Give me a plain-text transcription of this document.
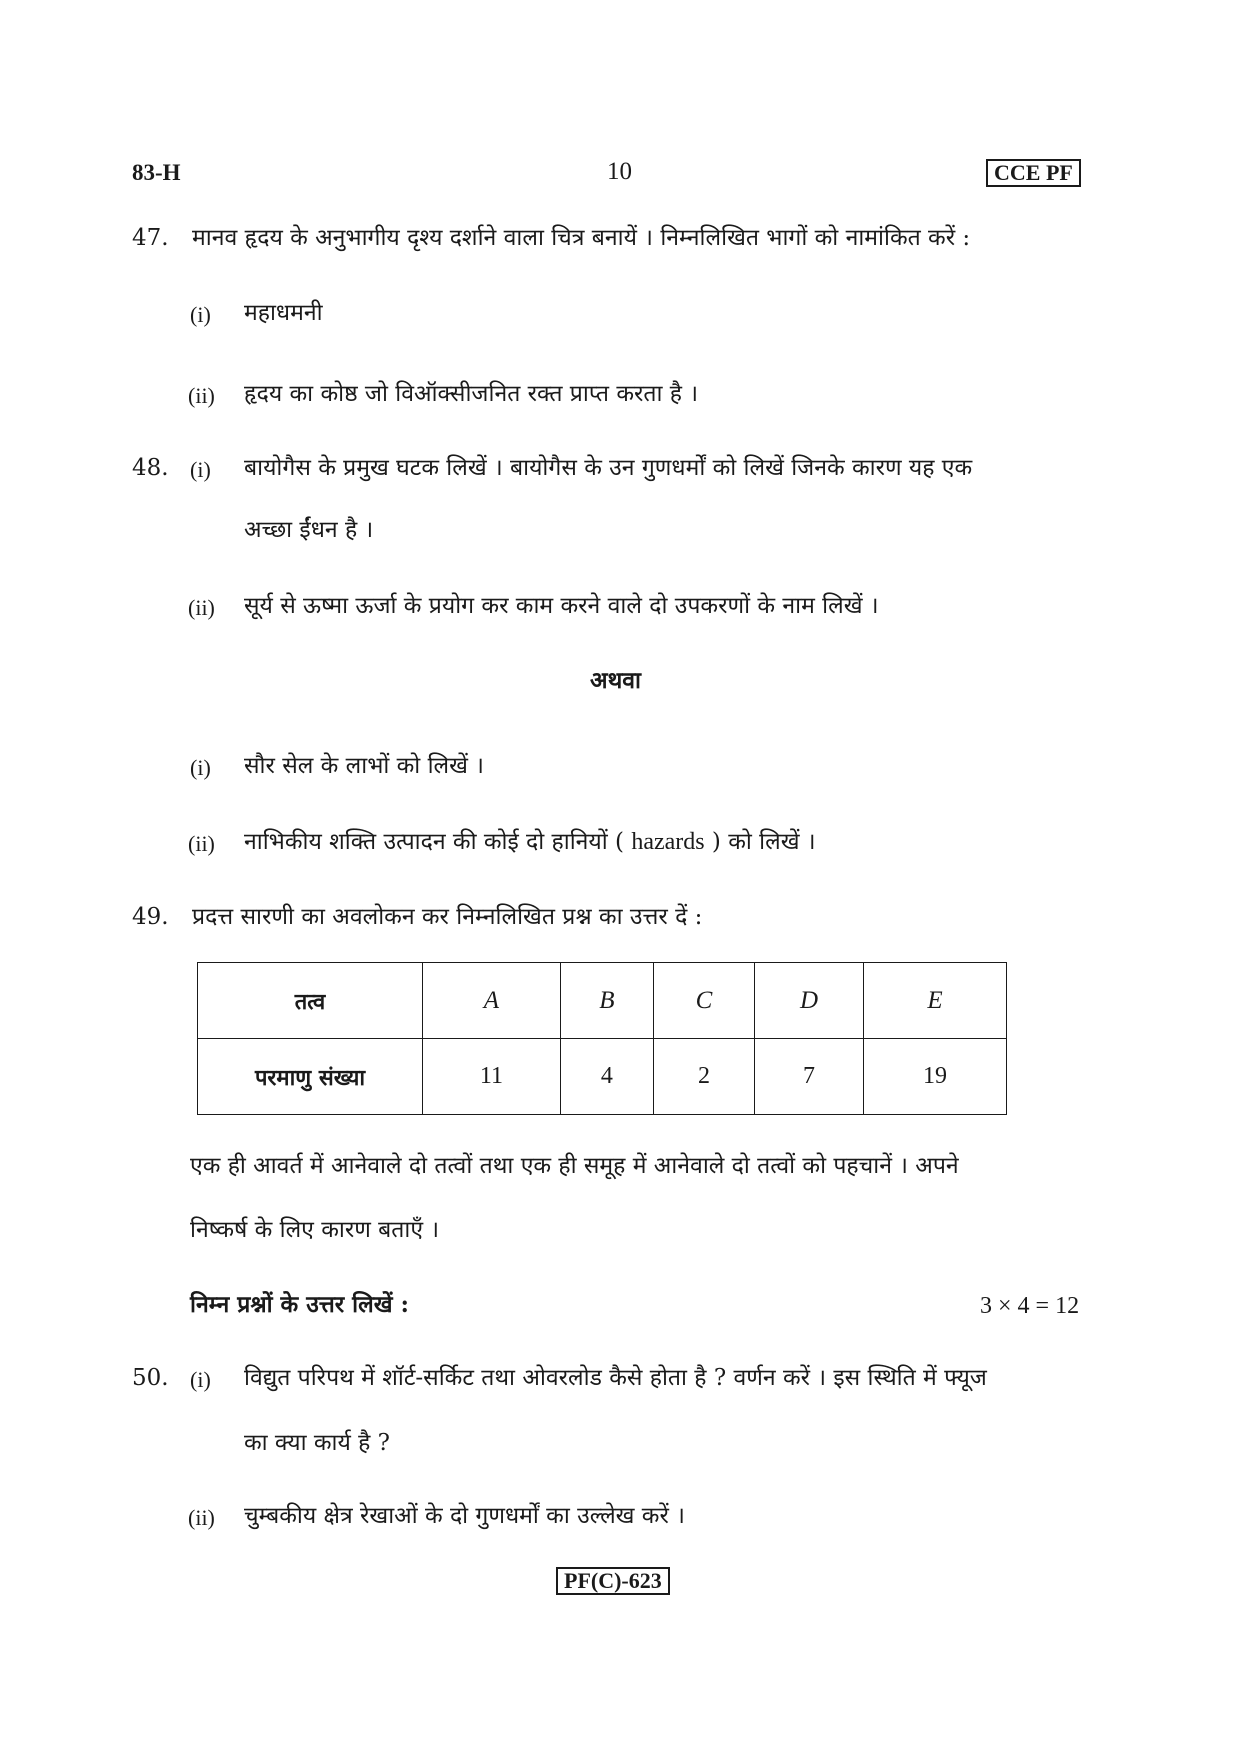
83-H	10	CCE PF
47. मानव हृदय के अनुभागीय दृश्य दर्शाने वाला चित्र बनायें । निम्नलिखित भागों को नामांकित करें :
(i) महाधमनी
(ii) हृदय का कोष्ठ जो विऑक्सीजनित रक्त प्राप्त करता है ।
48. (i) बायोगैस के प्रमुख घटक लिखें । बायोगैस के उन गुणधर्मों को लिखें जिनके कारण यह एक
अच्छा ईंधन है ।
(ii) सूर्य से ऊष्मा ऊर्जा के प्रयोग कर काम करने वाले दो उपकरणों के नाम लिखें ।
अथवा
(i) सौर सेल के लाभों को लिखें ।
(ii) नाभिकीय शक्ति उत्पादन की कोई दो हानियों ( hazards ) को लिखें ।
49. प्रदत्त सारणी का अवलोकन कर निम्नलिखित प्रश्न का उत्तर दें :
तत्व	A	B	C	D	E
परमाणु संख्या	11	4	2	7	19
एक ही आवर्त में आनेवाले दो तत्वों तथा एक ही समूह में आनेवाले दो तत्वों को पहचानें । अपने
निष्कर्ष के लिए कारण बताएँ ।
निम्न प्रश्नों के उत्तर लिखें :	3 × 4 = 12
50. (i) विद्युत परिपथ में शॉर्ट-सर्किट तथा ओवरलोड कैसे होता है ? वर्णन करें । इस स्थिति में फ्यूज
का क्या कार्य है ?
(ii) चुम्बकीय क्षेत्र रेखाओं के दो गुणधर्मों का उल्लेख करें ।
PF(C)-623
